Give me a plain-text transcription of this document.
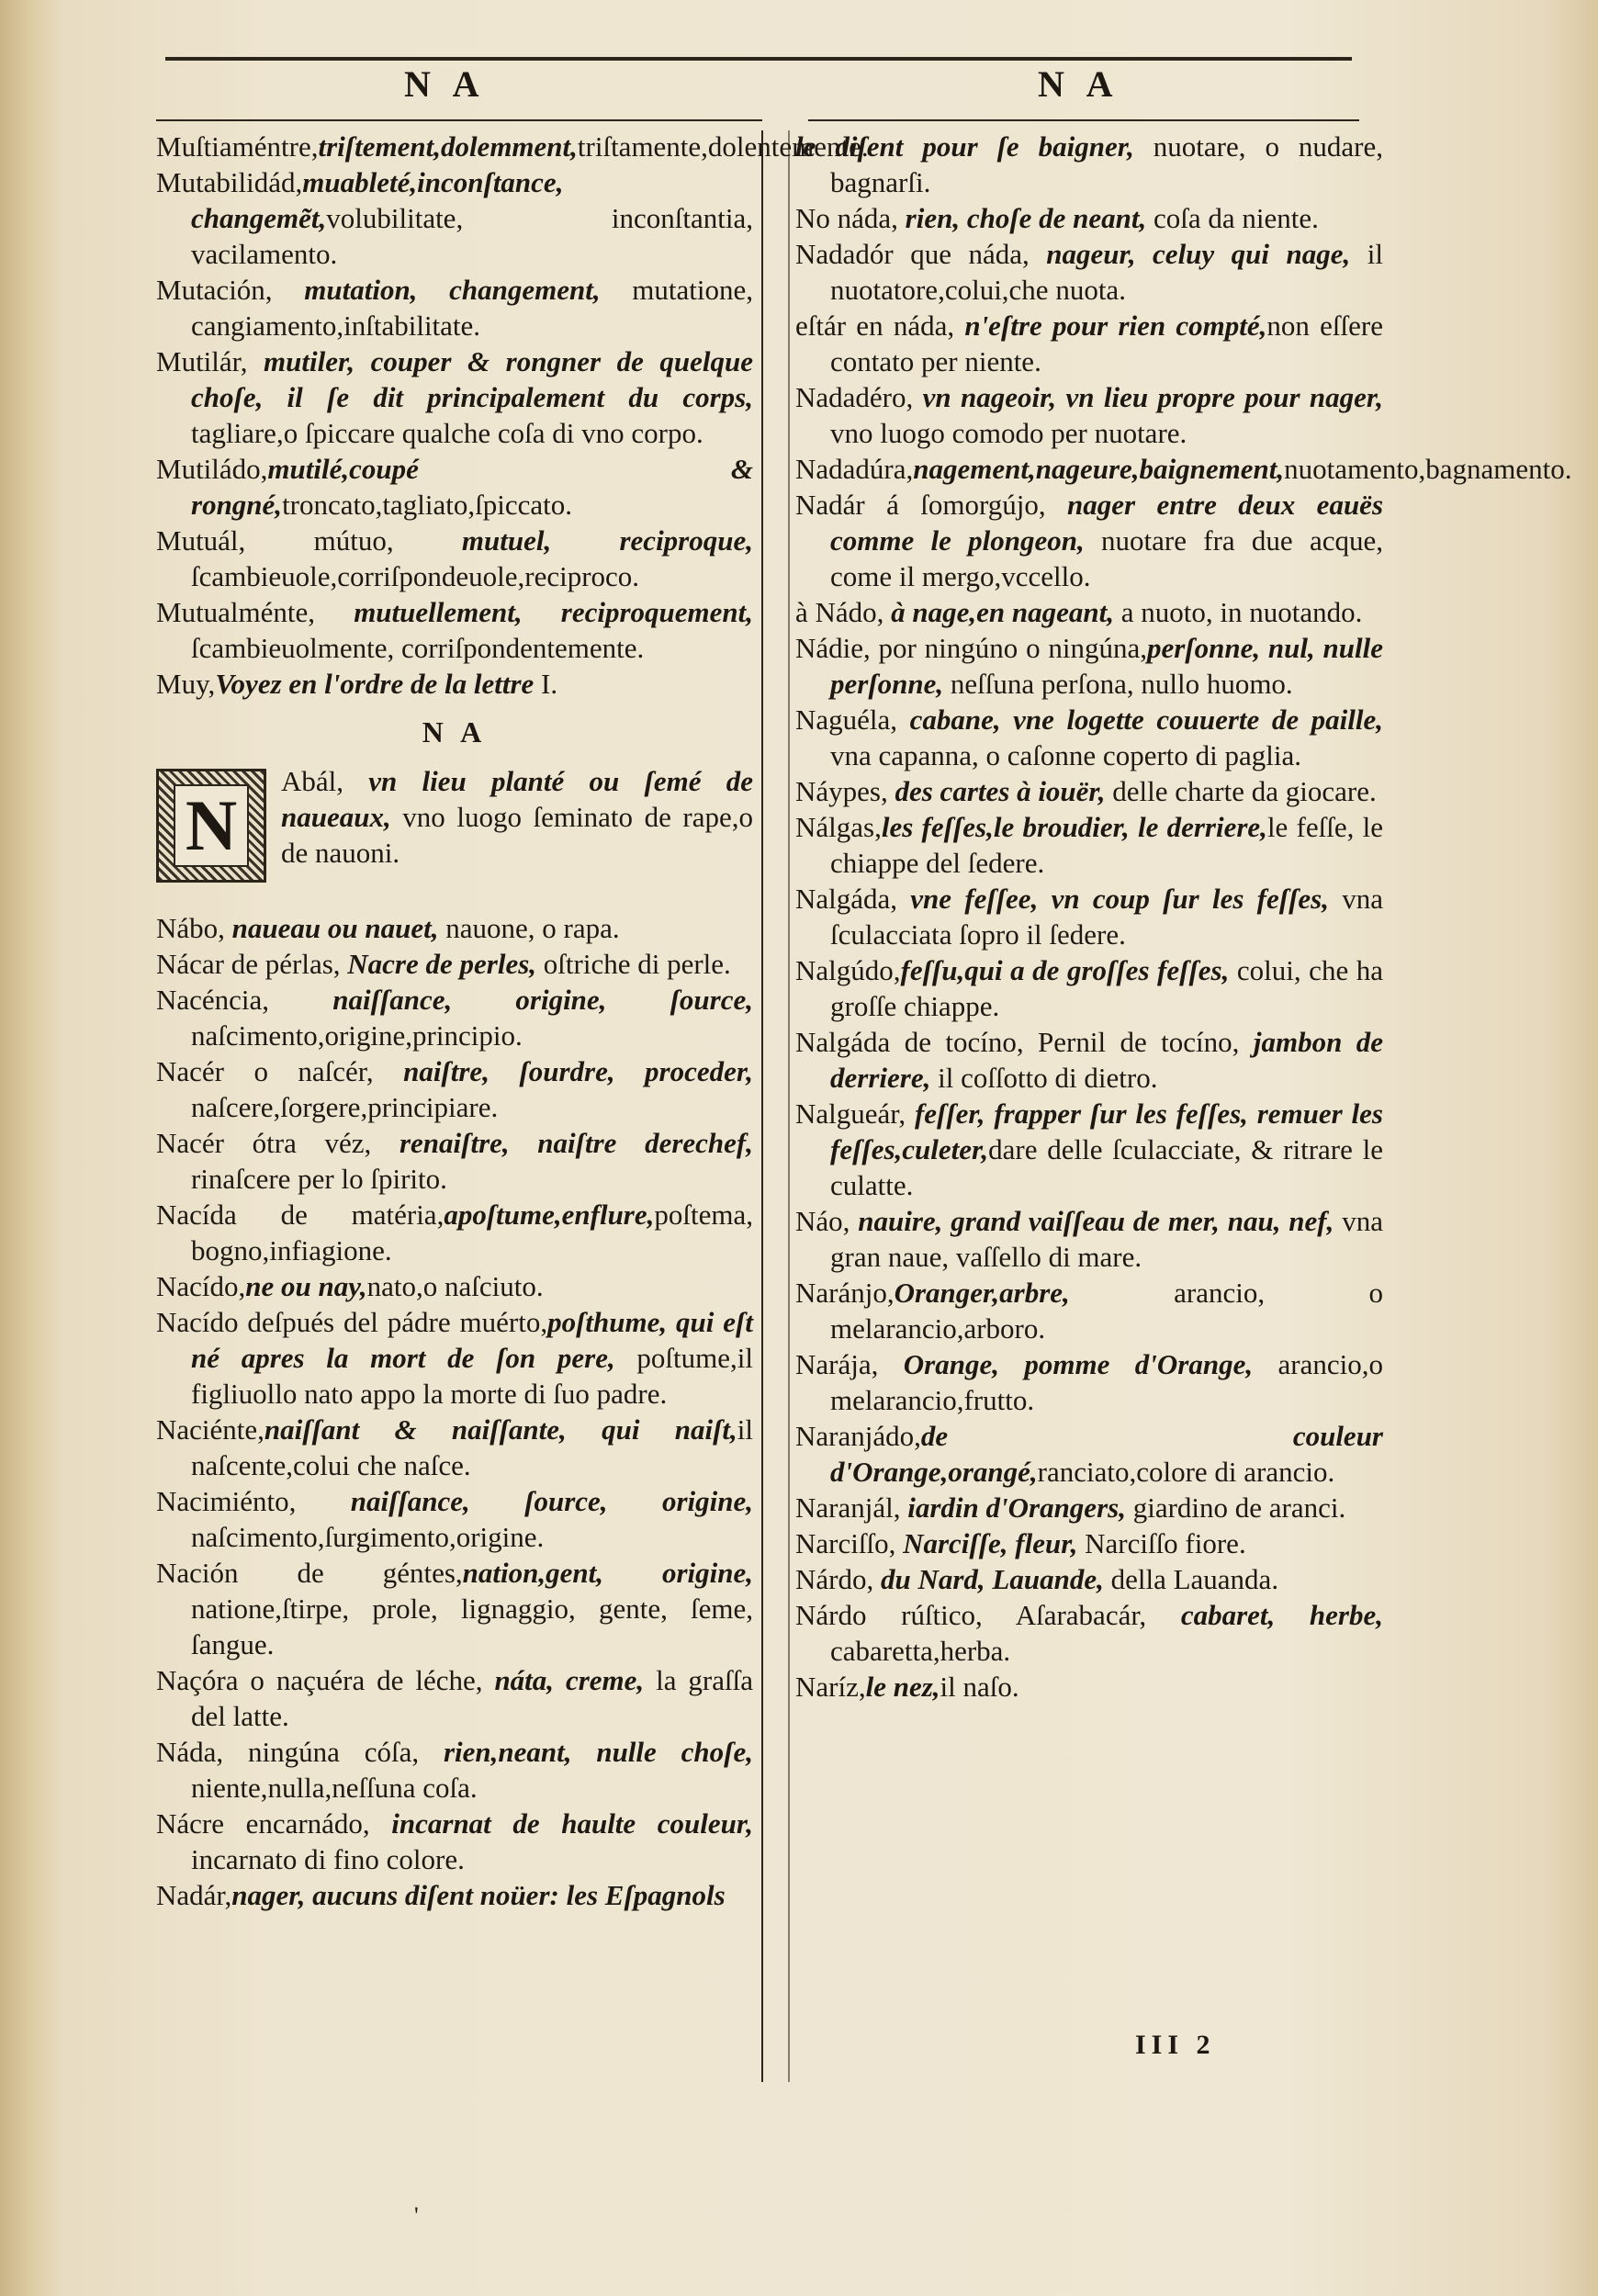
N A	N A

Muſtiaméntre,triſtement,dolemment,triſtamente,dolentemente.

Mutabilidád,muableté,inconſtance, changemẽt,volubilitate, inconſtantia, vacilamento.

Mutación, mutation, changement, mutatione, cangiamento,inſtabilitate.

Mutilár, mutiler, couper & rongner de quelque choſe, il ſe dit principalement du corps, tagliare,o ſpiccare qualche coſa di vno corpo.

Mutiládo,mutilé,coupé & rongné,troncato,tagliato,ſpiccato.

Mutuál, mútuo, mutuel, reciproque, ſcambieuole,corriſpondeuole,reciproco.

Mutualménte, mutuellement, reciproquement, ſcambieuolmente, corriſpondentemente.

Muy,Voyez en l'ordre de la lettre I.

N A
N

Abál, vn lieu planté ou ſemé de naueaux, vno luogo ſeminato de rape,o de nauoni.

Nábo, naueau ou nauet, nauone, o rapa.

Nácar de pérlas, Nacre de perles, oſtriche di perle.

Nacéncia, naiſſance, origine, ſource, naſcimento,origine,principio.

Nacér o naſcér, naiſtre, ſourdre, proceder, naſcere,ſorgere,principiare.

Nacér ótra véz, renaiſtre, naiſtre derechef, rinaſcere per lo ſpirito.

Nacída de matéria,apoſtume,enflure,poſtema, bogno,infiagione.

Nacído,ne ou nay,nato,o naſciuto.

Nacído deſpués del pádre muérto,poſthume, qui eſt né apres la mort de ſon pere, poſtume,il figliuollo nato appo la morte di ſuo padre.

Naciénte,naiſſant & naiſſante, qui naiſt,il naſcente,colui che naſce.

Nacimiénto, naiſſance, ſource, origine, naſcimento,ſurgimento,origine.

Nación de géntes,nation,gent, origine, natione,ſtirpe, prole, lignaggio, gente, ſeme, ſangue.

Naçóra o naçuéra de léche, náta, creme, la graſſa del latte.

Náda, ningúna cóſa, rien,neant, nulle choſe, niente,nulla,neſſuna coſa.

Nácre encarnádo, incarnat de haulte couleur, incarnato di fino colore.

Nadár,nager, aucuns diſent noüer: les Eſpagnols

le diſent pour ſe baigner, nuotare, o nudare, bagnarſi.

No náda, rien, choſe de neant, coſa da niente.

Nadadór que náda, nageur, celuy qui nage, il nuotatore,colui,che nuota.

eſtár en náda, n'eſtre pour rien compté,non eſſere contato per niente.

Nadadéro, vn nageoir, vn lieu propre pour nager, vno luogo comodo per nuotare.

Nadadúra,nagement,nageure,baignement,nuotamento,bagnamento.

Nadár á ſomorgújo, nager entre deux eauës comme le plongeon, nuotare fra due acque, come il mergo,vccello.

à Nádo, à nage,en nageant, a nuoto, in nuotando.

Nádie, por ningúno o ningúna,perſonne, nul, nulle perſonne, neſſuna perſona, nullo huomo.

Naguéla, cabane, vne logette couuerte de paille, vna capanna, o caſonne coperto di paglia.

Náypes, des cartes à iouër, delle charte da giocare.

Nálgas,les feſſes,le broudier, le derriere,le feſſe, le chiappe del ſedere.

Nalgáda, vne feſſee, vn coup ſur les feſſes, vna ſculacciata ſopro il ſedere.

Nalgúdo,feſſu,qui a de groſſes feſſes, colui, che ha groſſe chiappe.

Nalgáda de tocíno, Pernil de tocíno, jambon de derriere, il coſſotto di dietro.

Nalgueár, feſſer, frapper ſur les feſſes, remuer les feſſes,culeter,dare delle ſculacciate, & ritrare le culatte.

Náo, nauire, grand vaiſſeau de mer, nau, nef, vna gran naue, vaſſello di mare.

Naránjo,Oranger,arbre, arancio, o melarancio,arboro.

Narája, Orange, pomme d'Orange, arancio,o melarancio,frutto.

Naranjádo,de couleur d'Orange,orangé,ranciato,colore di arancio.

Naranjál, iardin d'Orangers, giardino de aranci.

Narciſſo, Narciſſe, fleur, Narciſſo fiore.

Nárdo, du Nard, Lauande, della Lauanda.

Nárdo rúſtico, Aſarabacár, cabaret, herbe, cabaretta,herba.

Naríz,le nez,il naſo.

III 2
'
